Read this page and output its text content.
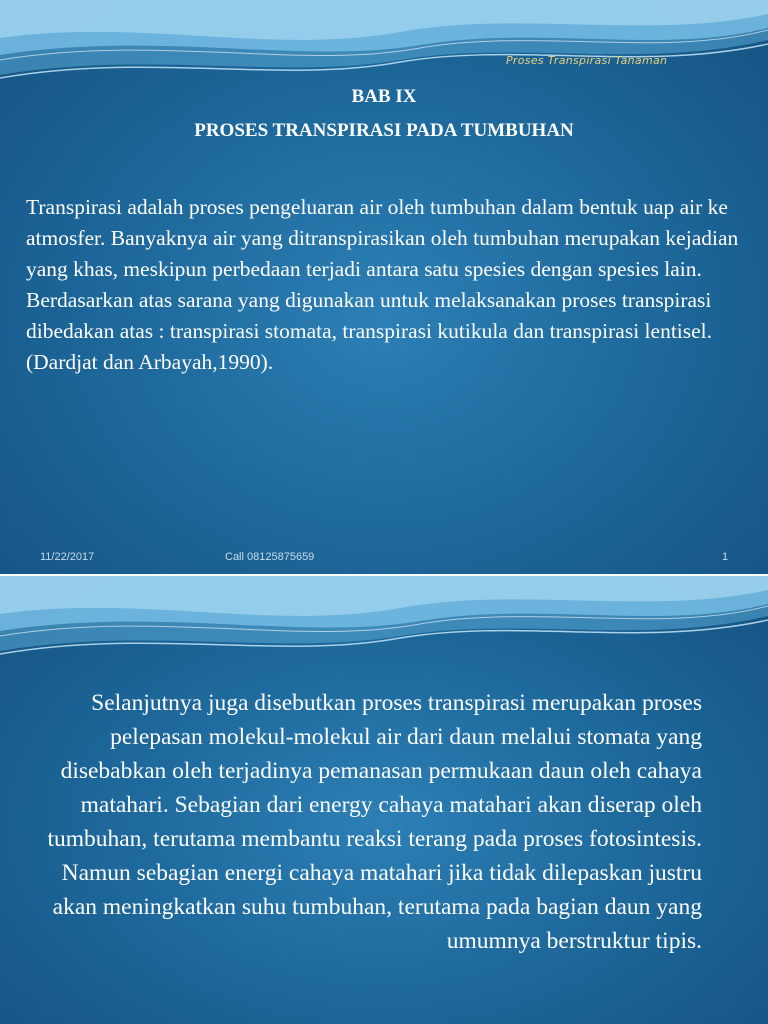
Proses Transpirasi Tanaman
BAB IX
PROSES TRANSPIRASI PADA TUMBUHAN
Transpirasi adalah proses pengeluaran air oleh tumbuhan dalam bentuk uap air ke atmosfer. Banyaknya air yang ditranspirasikan oleh tumbuhan merupakan kejadian yang khas, meskipun perbedaan terjadi antara satu spesies dengan spesies lain. Berdasarkan atas sarana yang digunakan untuk melaksanakan proses transpirasi dibedakan atas : transpirasi stomata, transpirasi kutikula dan transpirasi lentisel. (Dardjat dan Arbayah,1990).
11/22/2017	Call 08125875659	1
Selanjutnya juga disebutkan proses transpirasi merupakan proses pelepasan molekul-molekul air dari daun melalui stomata yang disebabkan oleh terjadinya pemanasan permukaan daun oleh cahaya matahari. Sebagian dari energy cahaya matahari akan diserap oleh tumbuhan, terutama membantu reaksi terang pada proses fotosintesis. Namun sebagian energi cahaya matahari jika tidak dilepaskan justru akan meningkatkan suhu tumbuhan, terutama pada bagian daun yang umumnya berstruktur tipis.
